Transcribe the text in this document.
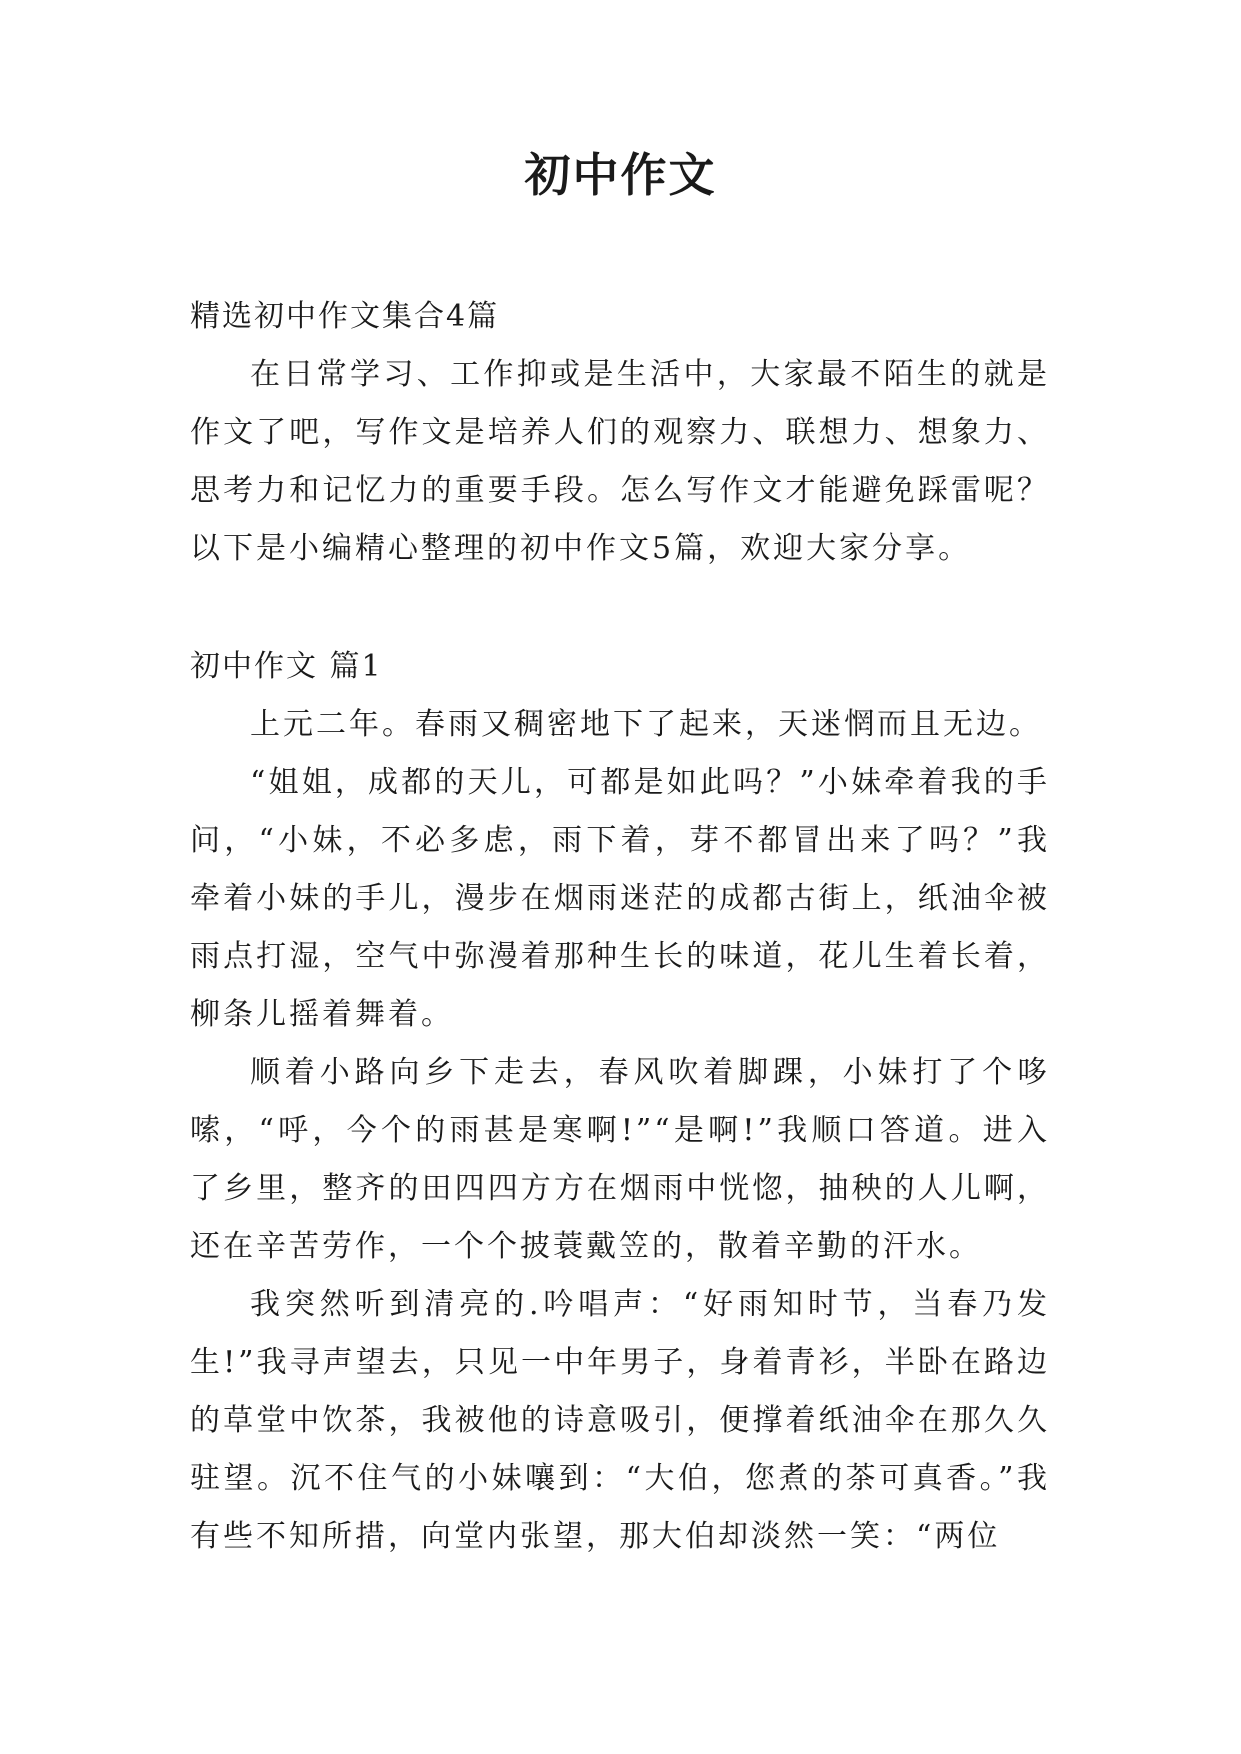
初中作文

精选初中作文集合4篇

在日常学习、工作抑或是生活中，大家最不陌生的就是作文了吧，写作文是培养人们的观察力、联想力、想象力、思考力和记忆力的重要手段。怎么写作文才能避免踩雷呢？以下是小编精心整理的初中作文5篇，欢迎大家分享。

初中作文 篇1

上元二年。春雨又稠密地下了起来，天迷惘而且无边。

“姐姐，成都的天儿，可都是如此吗？”小妹牵着我的手问，“小妹，不必多虑，雨下着，芽不都冒出来了吗？”我牵着小妹的手儿，漫步在烟雨迷茫的成都古街上，纸油伞被雨点打湿，空气中弥漫着那种生长的味道，花儿生着长着，柳条儿摇着舞着。

顺着小路向乡下走去，春风吹着脚踝，小妹打了个哆嗦，“呼，今个的雨甚是寒啊!”“是啊!”我顺口答道。进入了乡里，整齐的田四四方方在烟雨中恍惚，抽秧的人儿啊，还在辛苦劳作，一个个披蓑戴笠的，散着辛勤的汗水。

我突然听到清亮的.吟唱声：“好雨知时节，当春乃发生!”我寻声望去，只见一中年男子，身着青衫，半卧在路边的草堂中饮茶，我被他的诗意吸引，便撑着纸油伞在那久久驻望。沉不住气的小妹嚷到：“大伯，您煮的茶可真香。”我有些不知所措，向堂内张望，那大伯却淡然一笑：“两位
